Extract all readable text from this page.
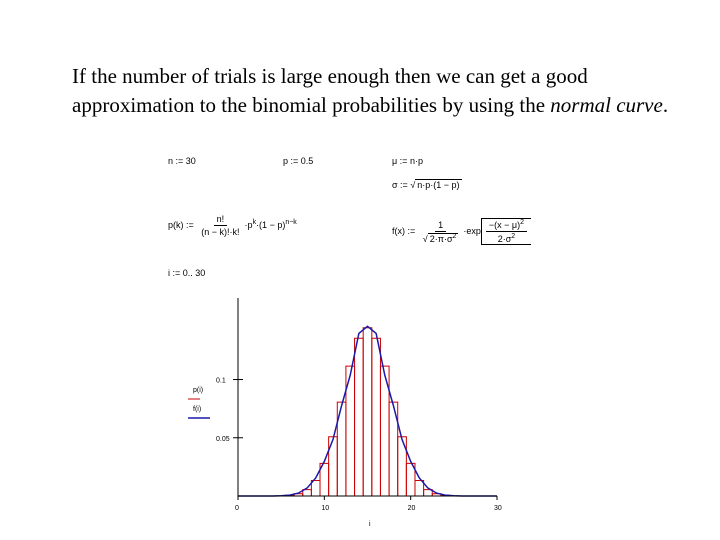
If the number of trials is large enough then we can get a good approximation to the binomial probabilities by using the normal curve.
n := 30	p := 0.5	μ := n·p
σ := √ n·p·(1 − p)
p(k) := $\frac{n!}{(n - k)!\cdot k!} \cdot p^k\cdot(1 - p)^{n-k}$
f(x) := $\frac{1}{√ 2\cdot\pi\cdot\sigma^2} \cdot\exp \frac{-(x - \mu)^2}{2\cdot\sigma^2}$
i := 0.. 30
0	10	20	30
0.1
0.05
i
p(i)
f(i)
